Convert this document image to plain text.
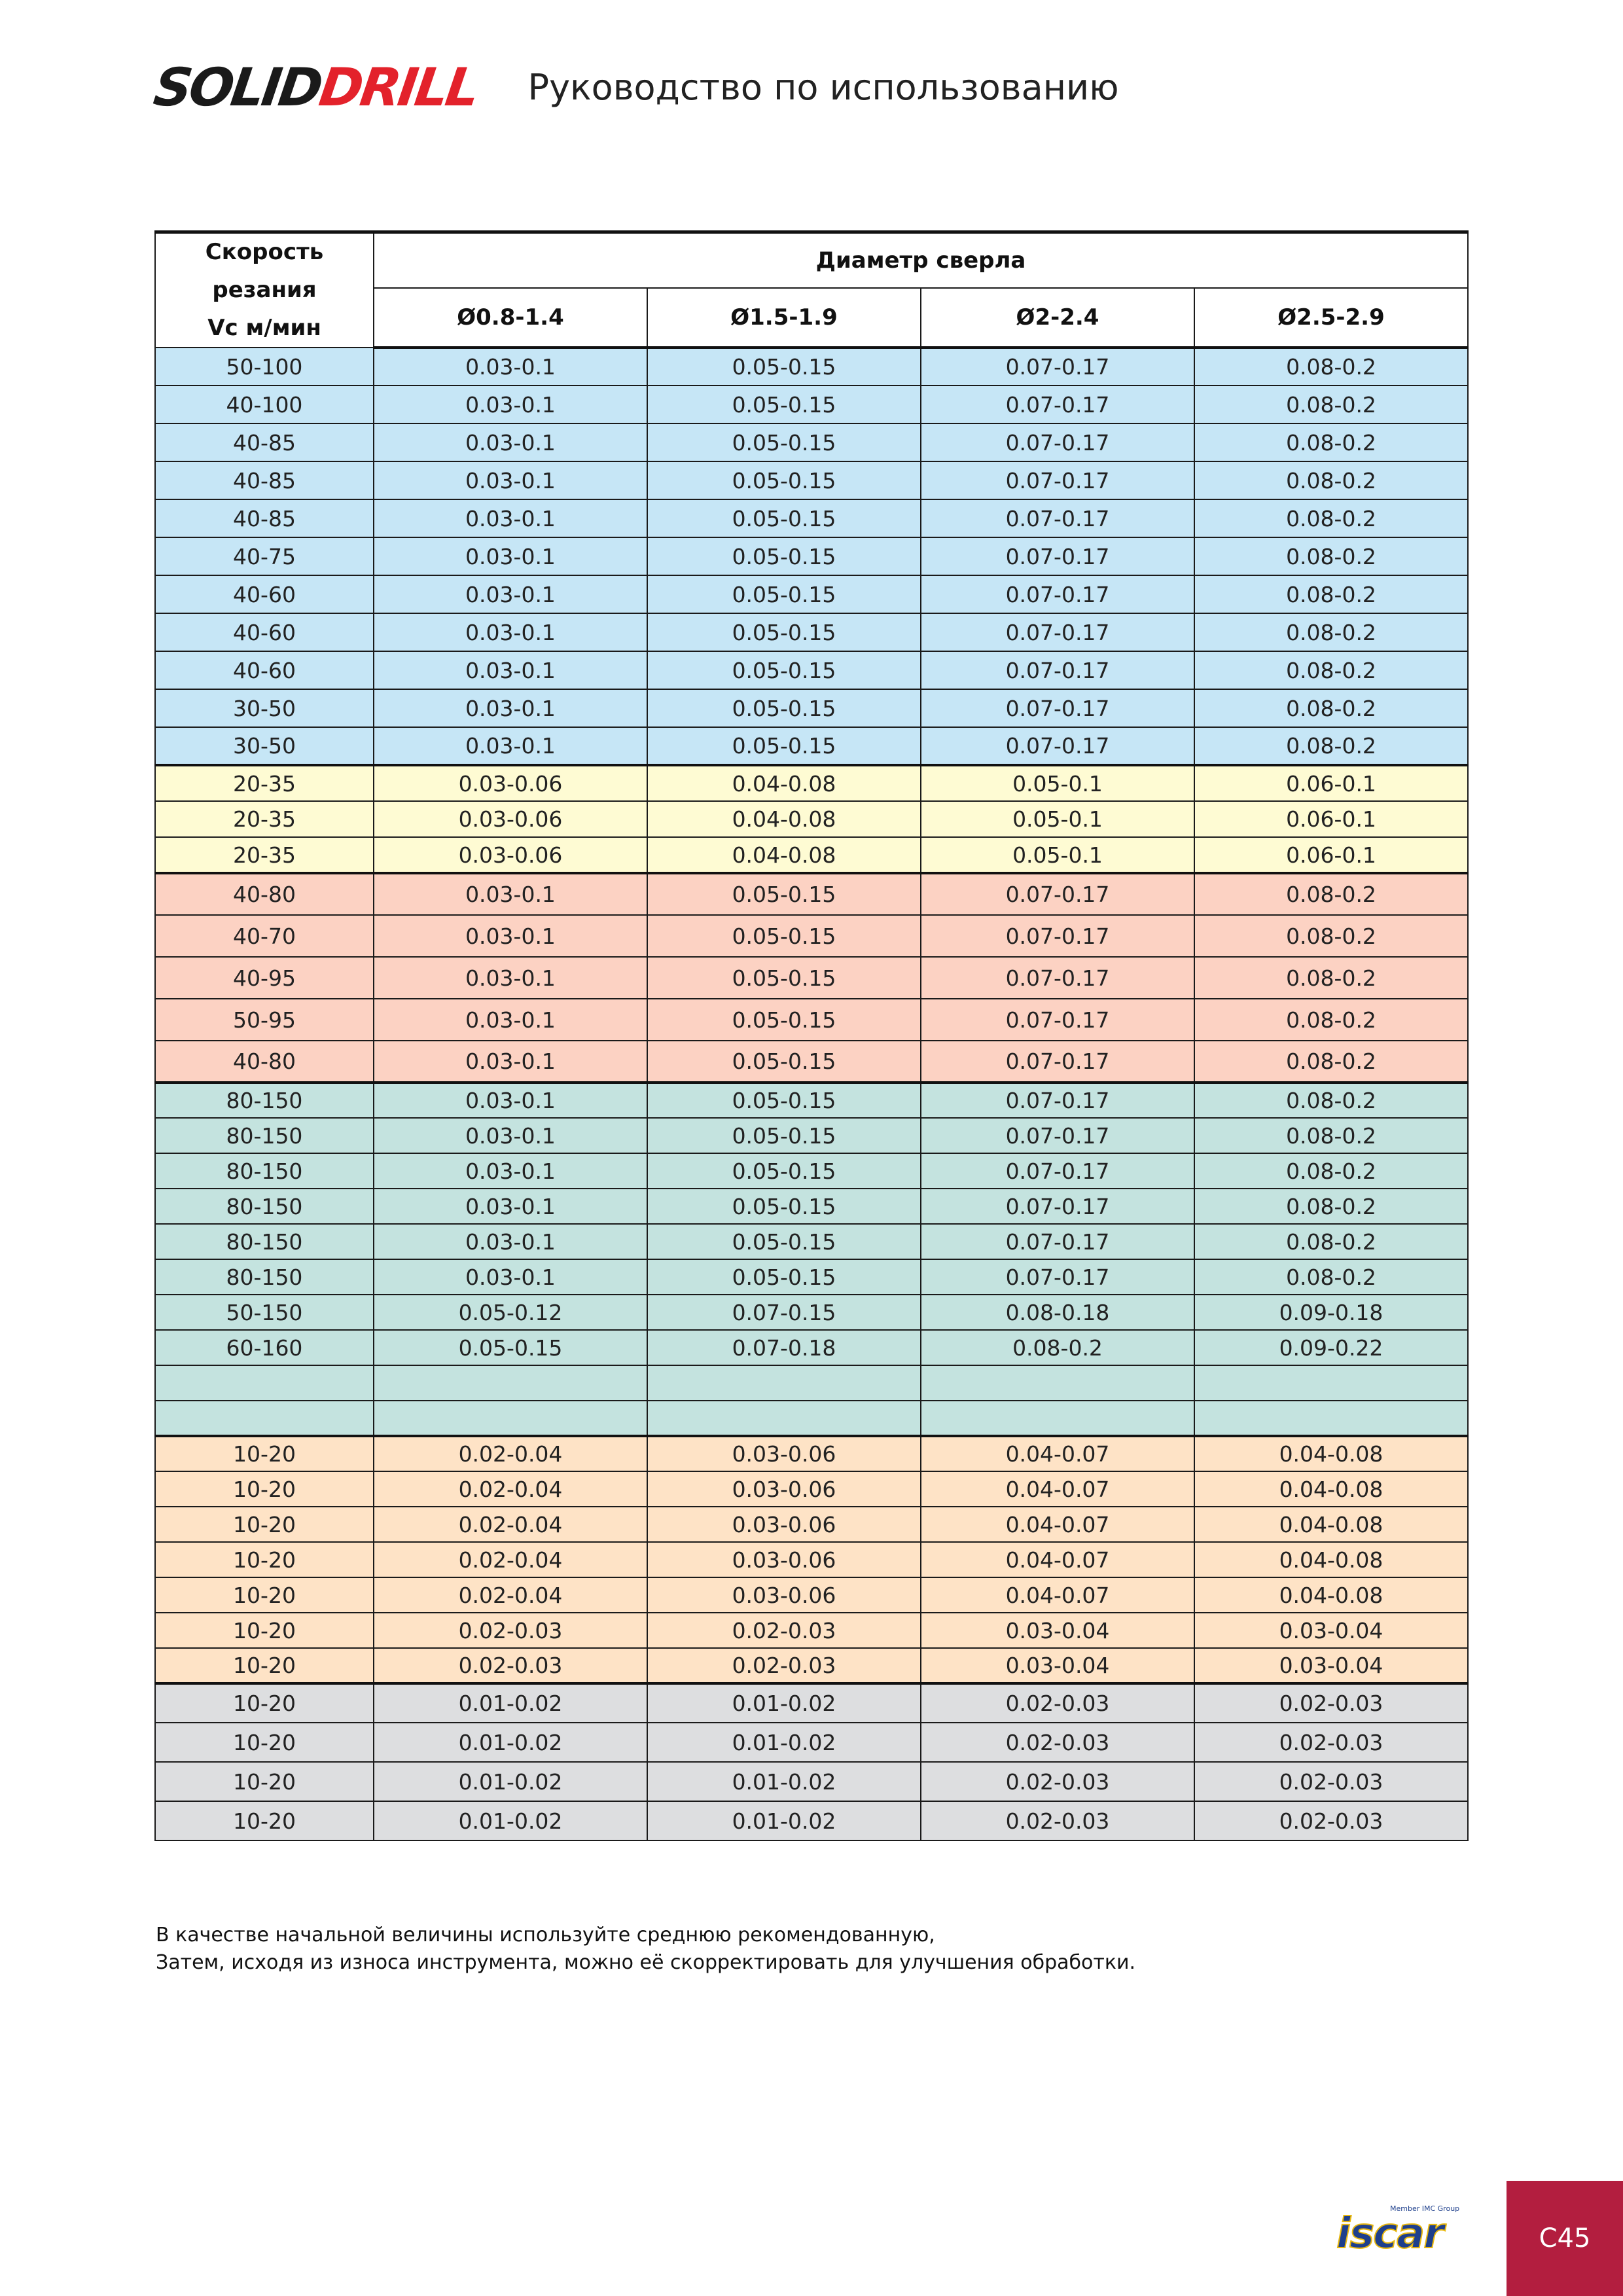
SOLID
DRILL Руководство по использованию
Скорость резания
Vc м/мин	Диаметр сверла			
	Ø0.8-1.4	Ø1.5-1.9	Ø2-2.4	Ø2.5-2.9
50-100	0.03-0.1	0.05-0.15	0.07-0.17	0.08-0.2
40-100	0.03-0.1	0.05-0.15	0.07-0.17	0.08-0.2
40-85	0.03-0.1	0.05-0.15	0.07-0.17	0.08-0.2
40-85	0.03-0.1	0.05-0.15	0.07-0.17	0.08-0.2
40-85	0.03-0.1	0.05-0.15	0.07-0.17	0.08-0.2
40-75	0.03-0.1	0.05-0.15	0.07-0.17	0.08-0.2
40-60	0.03-0.1	0.05-0.15	0.07-0.17	0.08-0.2
40-60	0.03-0.1	0.05-0.15	0.07-0.17	0.08-0.2
40-60	0.03-0.1	0.05-0.15	0.07-0.17	0.08-0.2
30-50	0.03-0.1	0.05-0.15	0.07-0.17	0.08-0.2
30-50	0.03-0.1	0.05-0.15	0.07-0.17	0.08-0.2
20-35	0.03-0.06	0.04-0.08	0.05-0.1	0.06-0.1
20-35	0.03-0.06	0.04-0.08	0.05-0.1	0.06-0.1
20-35	0.03-0.06	0.04-0.08	0.05-0.1	0.06-0.1
40-80	0.03-0.1	0.05-0.15	0.07-0.17	0.08-0.2
40-70	0.03-0.1	0.05-0.15	0.07-0.17	0.08-0.2
40-95	0.03-0.1	0.05-0.15	0.07-0.17	0.08-0.2
50-95	0.03-0.1	0.05-0.15	0.07-0.17	0.08-0.2
40-80	0.03-0.1	0.05-0.15	0.07-0.17	0.08-0.2
80-150	0.03-0.1	0.05-0.15	0.07-0.17	0.08-0.2
80-150	0.03-0.1	0.05-0.15	0.07-0.17	0.08-0.2
80-150	0.03-0.1	0.05-0.15	0.07-0.17	0.08-0.2
80-150	0.03-0.1	0.05-0.15	0.07-0.17	0.08-0.2
80-150	0.03-0.1	0.05-0.15	0.07-0.17	0.08-0.2
80-150	0.03-0.1	0.05-0.15	0.07-0.17	0.08-0.2
50-150	0.05-0.12	0.07-0.15	0.08-0.18	0.09-0.18
60-160	0.05-0.15	0.07-0.18	0.08-0.2	0.09-0.22

10-20	0.02-0.04	0.03-0.06	0.04-0.07	0.04-0.08
10-20	0.02-0.04	0.03-0.06	0.04-0.07	0.04-0.08
10-20	0.02-0.04	0.03-0.06	0.04-0.07	0.04-0.08
10-20	0.02-0.04	0.03-0.06	0.04-0.07	0.04-0.08
10-20	0.02-0.04	0.03-0.06	0.04-0.07	0.04-0.08
10-20	0.02-0.03	0.02-0.03	0.03-0.04	0.03-0.04
10-20	0.02-0.03	0.02-0.03	0.03-0.04	0.03-0.04
10-20	0.01-0.02	0.01-0.02	0.02-0.03	0.02-0.03
10-20	0.01-0.02	0.01-0.02	0.02-0.03	0.02-0.03
10-20	0.01-0.02	0.01-0.02	0.02-0.03	0.02-0.03
10-20	0.01-0.02	0.01-0.02	0.02-0.03	0.02-0.03
В качестве начальной величины используйте среднюю рекомендованную,
Затем, исходя из износа инструмента, можно её скорректировать для улучшения обработки.
Member IMC Group
iscar	C45
